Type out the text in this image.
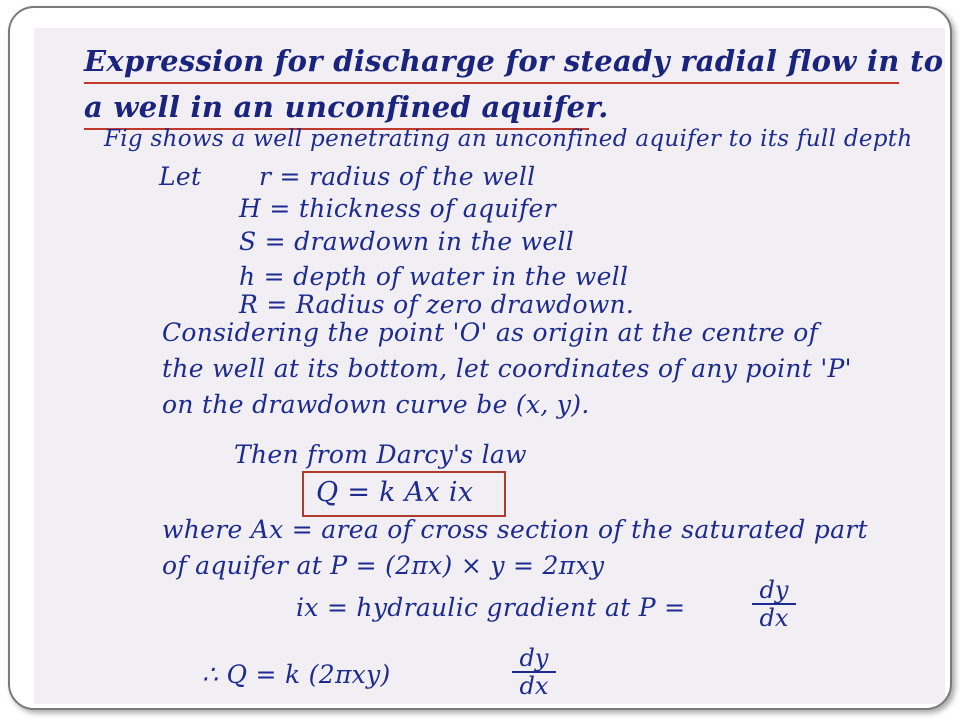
Expression for discharge for steady radial flow in to
a well in an unconfined aquifer.
Fig shows a well penetrating an unconfined aquifer to its full depth
Let r = radius of the well
H = thickness of aquifer
S = drawdown in the well
h = depth of water in the well
R = Radius of zero drawdown.
Considering the point 'O' as origin at the centre of
the well at its bottom, let coordinates of any point 'P'
on the drawdown curve be (x, y).
Then from Darcy's law
Q = k Ax ix
where Ax = area of cross section of the saturated part
of aquifer at P = (2πx) × y = 2πxy
ix = hydraulic gradient at P =
dy
dx
∴ Q = k (2πxy)
dy
dx
